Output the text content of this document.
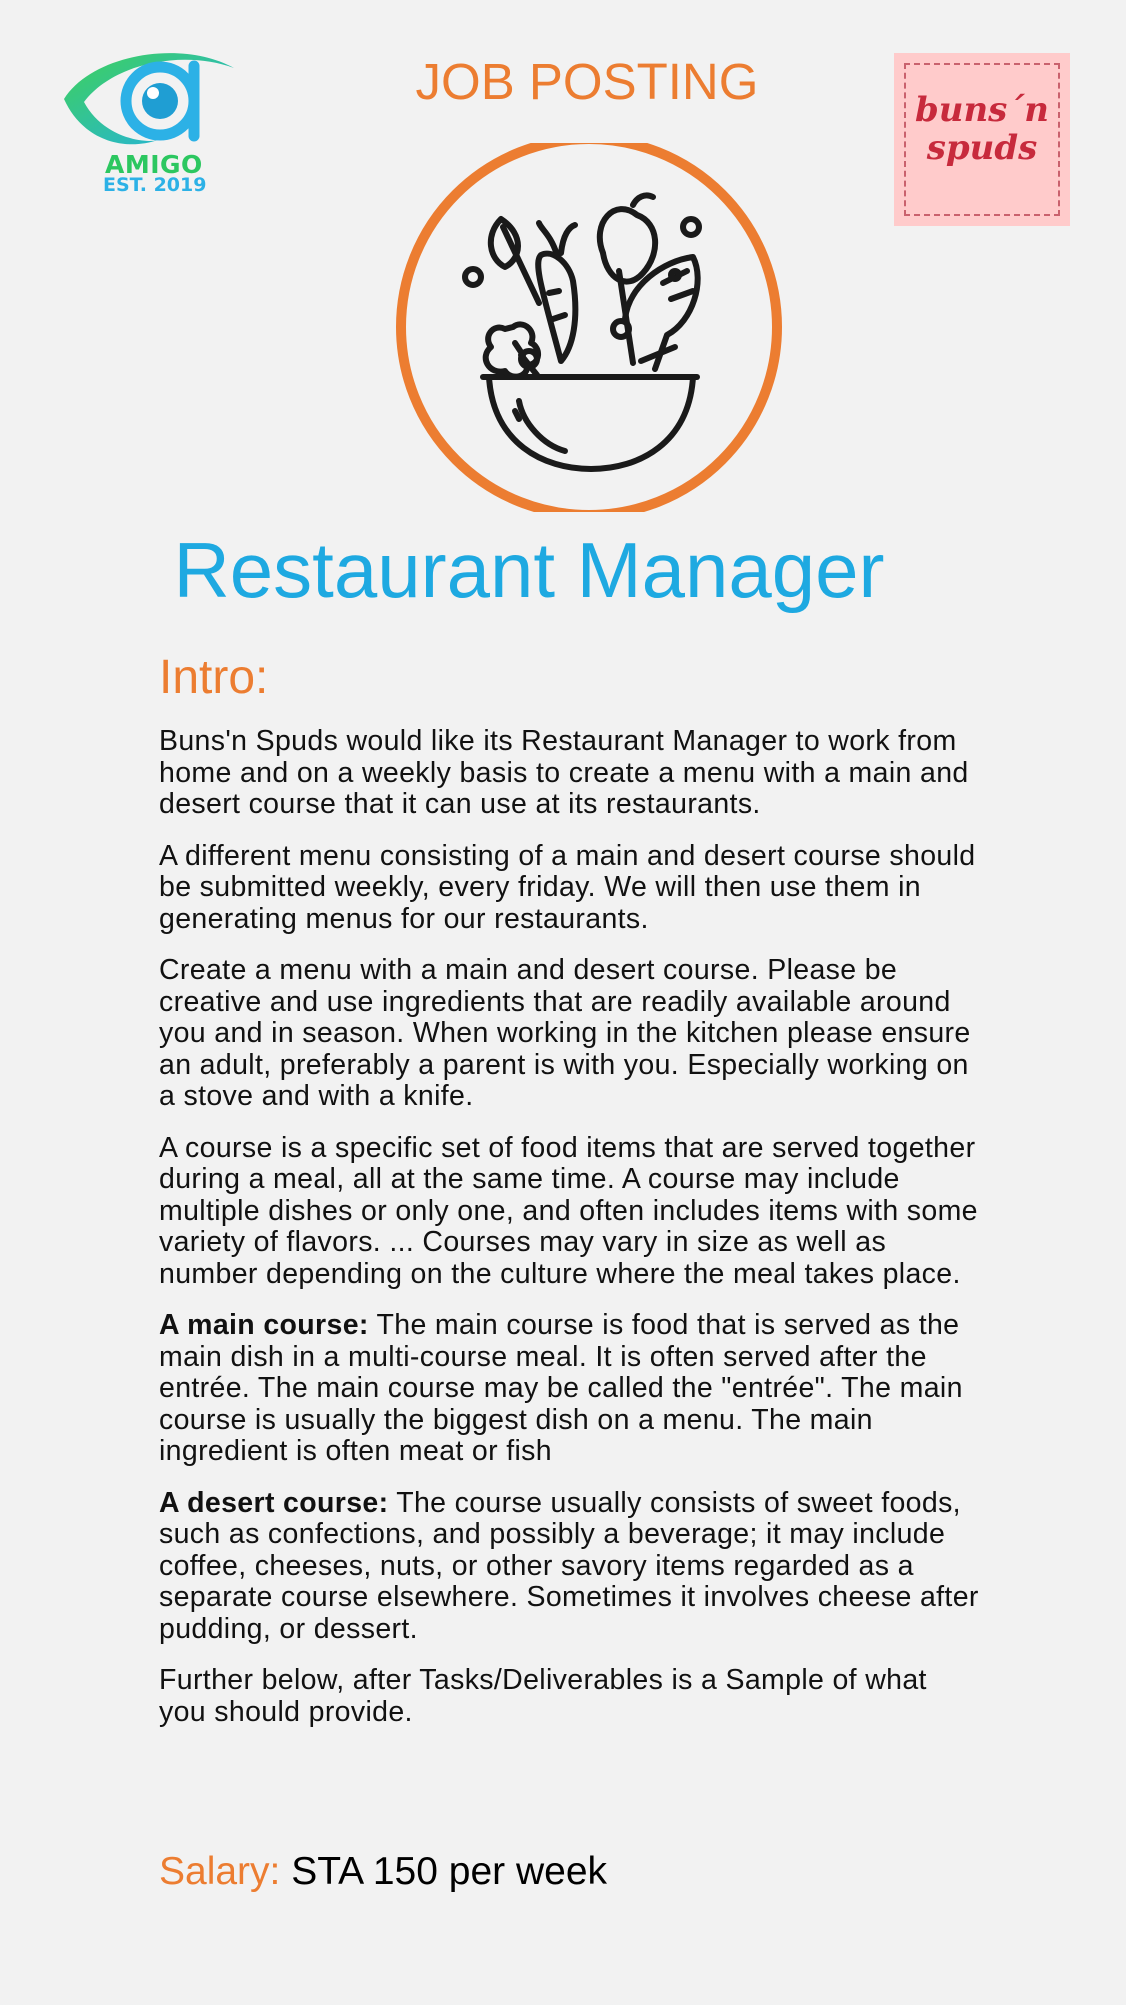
AMIGO
EST. 2019
JOB POSTING	buns´n
spuds
Restaurant Manager
Intro:

Buns'n Spuds would like its Restaurant Manager to work from home and on a weekly basis to create a menu with a main and desert course that it can use at its restaurants.

A different menu consisting of a main and desert course should be submitted weekly, every friday. We will then use them in generating menus for our restaurants.

Create a menu with a main and desert course. Please be creative and use ingredients that are readily available around you and in season. When working in the kitchen please ensure an adult, preferably a parent is with you. Especially working on a stove and with a knife.

A course is a specific set of food items that are served together during a meal, all at the same time. A course may include multiple dishes or only one, and often includes items with some variety of flavors. ... Courses may vary in size as well as number depending on the culture where the meal takes place.

A main course: The main course is food that is served as the main dish in a multi-course meal. It is often served after the entrée. The main course may be called the "entrée". The main course is usually the biggest dish on a menu. The main ingredient is often meat or fish

A desert course: The course usually consists of sweet foods, such as confections, and possibly a beverage; it may include coffee, cheeses, nuts, or other savory items regarded as a separate course elsewhere. Sometimes it involves cheese after pudding, or dessert.

Further below, after Tasks/Deliverables is a Sample of what you should provide.

Salary: STA 150 per week
